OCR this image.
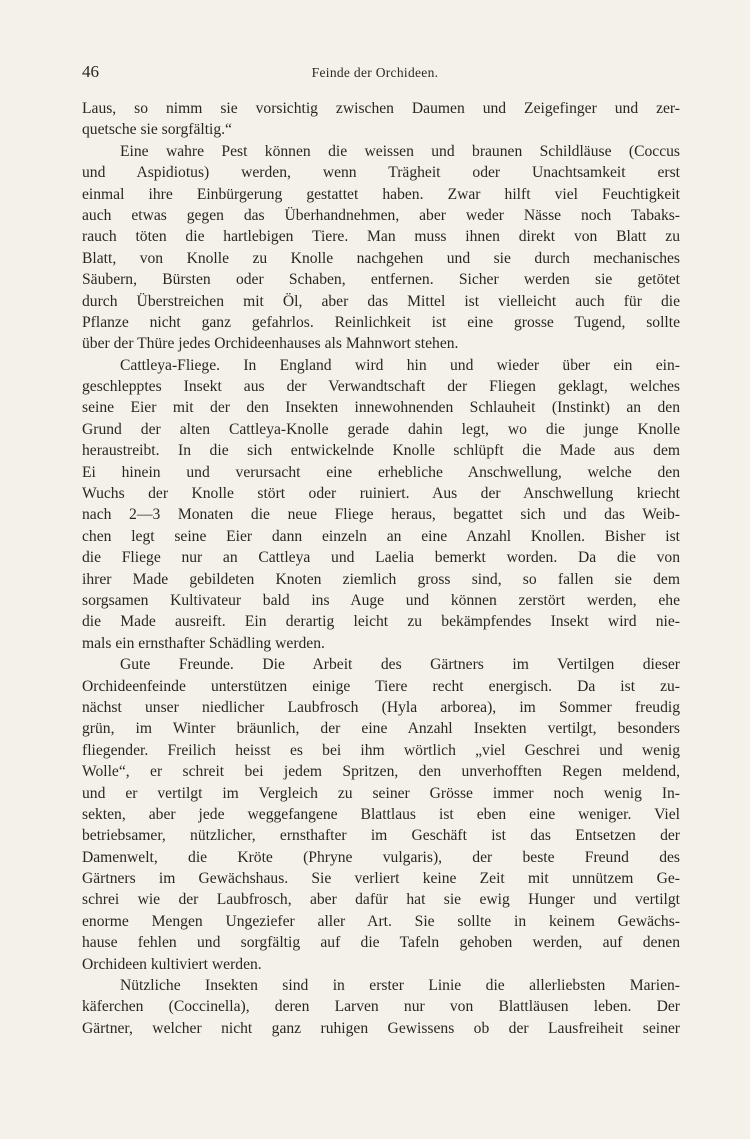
46	Feinde der Orchideen.
Laus, so nimm sie vorsichtig zwischen Daumen und Zeigefinger und zer-
quetsche sie sorgfältig.“
Eine wahre Pest können die weissen und braunen Schildläuse (Coccus
und Aspidiotus) werden, wenn Trägheit oder Unachtsamkeit erst
einmal ihre Einbürgerung gestattet haben. Zwar hilft viel Feuchtigkeit
auch etwas gegen das Überhandnehmen, aber weder Nässe noch Tabaks-
rauch töten die hartlebigen Tiere. Man muss ihnen direkt von Blatt zu
Blatt, von Knolle zu Knolle nachgehen und sie durch mechanisches
Säubern, Bürsten oder Schaben, entfernen. Sicher werden sie getötet
durch Überstreichen mit Öl, aber das Mittel ist vielleicht auch für die
Pflanze nicht ganz gefahrlos. Reinlichkeit ist eine grosse Tugend, sollte
über der Thüre jedes Orchideenhauses als Mahnwort stehen.
Cattleya-Fliege. In England wird hin und wieder über ein ein-
geschlepptes Insekt aus der Verwandtschaft der Fliegen geklagt, welches
seine Eier mit der den Insekten innewohnenden Schlauheit (Instinkt) an den
Grund der alten Cattleya-Knolle gerade dahin legt, wo die junge Knolle
heraustreibt. In die sich entwickelnde Knolle schlüpft die Made aus dem
Ei hinein und verursacht eine erhebliche Anschwellung, welche den
Wuchs der Knolle stört oder ruiniert. Aus der Anschwellung kriecht
nach 2—3 Monaten die neue Fliege heraus, begattet sich und das Weib-
chen legt seine Eier dann einzeln an eine Anzahl Knollen. Bisher ist
die Fliege nur an Cattleya und Laelia bemerkt worden. Da die von
ihrer Made gebildeten Knoten ziemlich gross sind, so fallen sie dem
sorgsamen Kultivateur bald ins Auge und können zerstört werden, ehe
die Made ausreift. Ein derartig leicht zu bekämpfendes Insekt wird nie-
mals ein ernsthafter Schädling werden.
Gute Freunde. Die Arbeit des Gärtners im Vertilgen dieser
Orchideenfeinde unterstützen einige Tiere recht energisch. Da ist zu-
nächst unser niedlicher Laubfrosch (Hyla arborea), im Sommer freudig
grün, im Winter bräunlich, der eine Anzahl Insekten vertilgt, besonders
fliegender. Freilich heisst es bei ihm wörtlich „viel Geschrei und wenig
Wolle“, er schreit bei jedem Spritzen, den unverhofften Regen meldend,
und er vertilgt im Vergleich zu seiner Grösse immer noch wenig In-
sekten, aber jede weggefangene Blattlaus ist eben eine weniger. Viel
betriebsamer, nützlicher, ernsthafter im Geschäft ist das Entsetzen der
Damenwelt, die Kröte (Phryne vulgaris), der beste Freund des
Gärtners im Gewächshaus. Sie verliert keine Zeit mit unnützem Ge-
schrei wie der Laubfrosch, aber dafür hat sie ewig Hunger und vertilgt
enorme Mengen Ungeziefer aller Art. Sie sollte in keinem Gewächs-
hause fehlen und sorgfältig auf die Tafeln gehoben werden, auf denen
Orchideen kultiviert werden.
Nützliche Insekten sind in erster Linie die allerliebsten Marien-
käferchen (Coccinella), deren Larven nur von Blattläusen leben. Der
Gärtner, welcher nicht ganz ruhigen Gewissens ob der Lausfreiheit seiner
